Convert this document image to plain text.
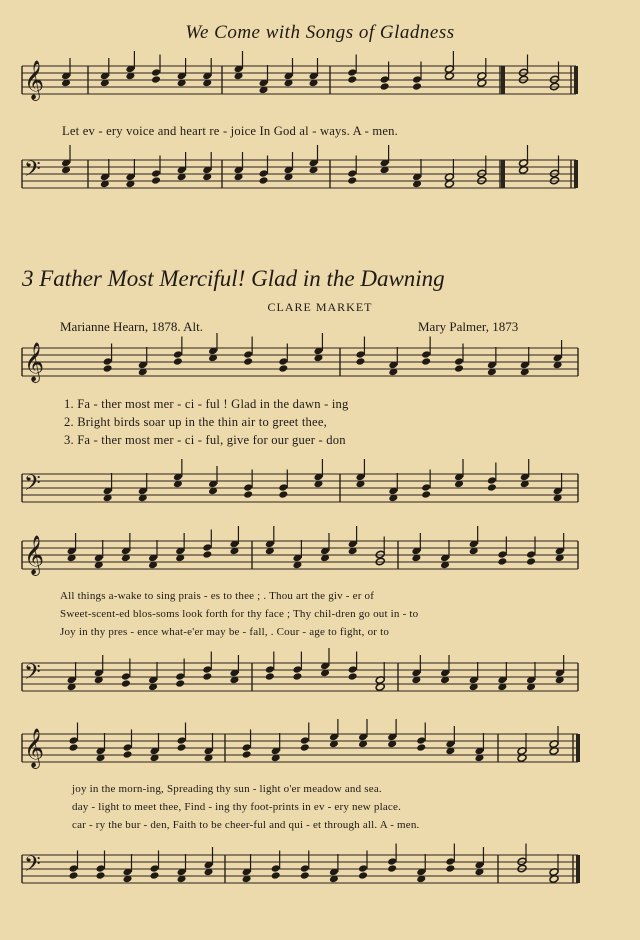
We Come with Songs of Gladness
𝄞
𝄢
𝄞
𝄢
𝄞
𝄢
𝄞
𝄢
Let ev - ery voice and heart re - joice In God al - ways. A - men.
3 Father Most Merciful! Glad in the Dawning
CLARE MARKET
Marianne Hearn, 1878. Alt.	Mary Palmer, 1873
1. Fa - ther most mer - ci - ful ! Glad in the dawn - ing
2. Bright birds soar up in the thin air to greet thee,
3. Fa - ther most mer - ci - ful, give for our guer - don
All things a-wake to sing prais - es to thee ; . Thou art the giv - er of
Sweet-scent-ed blos-soms look forth for thy face ; Thy chil-dren go out in - to
Joy in thy pres - ence what-e'er may be - fall, . Cour - age to fight, or to
joy in the morn-ing, Spreading thy sun - light o'er meadow and sea.
day - light to meet thee, Find - ing thy foot-prints in ev - ery new place.
car - ry the bur - den, Faith to be cheer-ful and qui - et through all. A - men.
